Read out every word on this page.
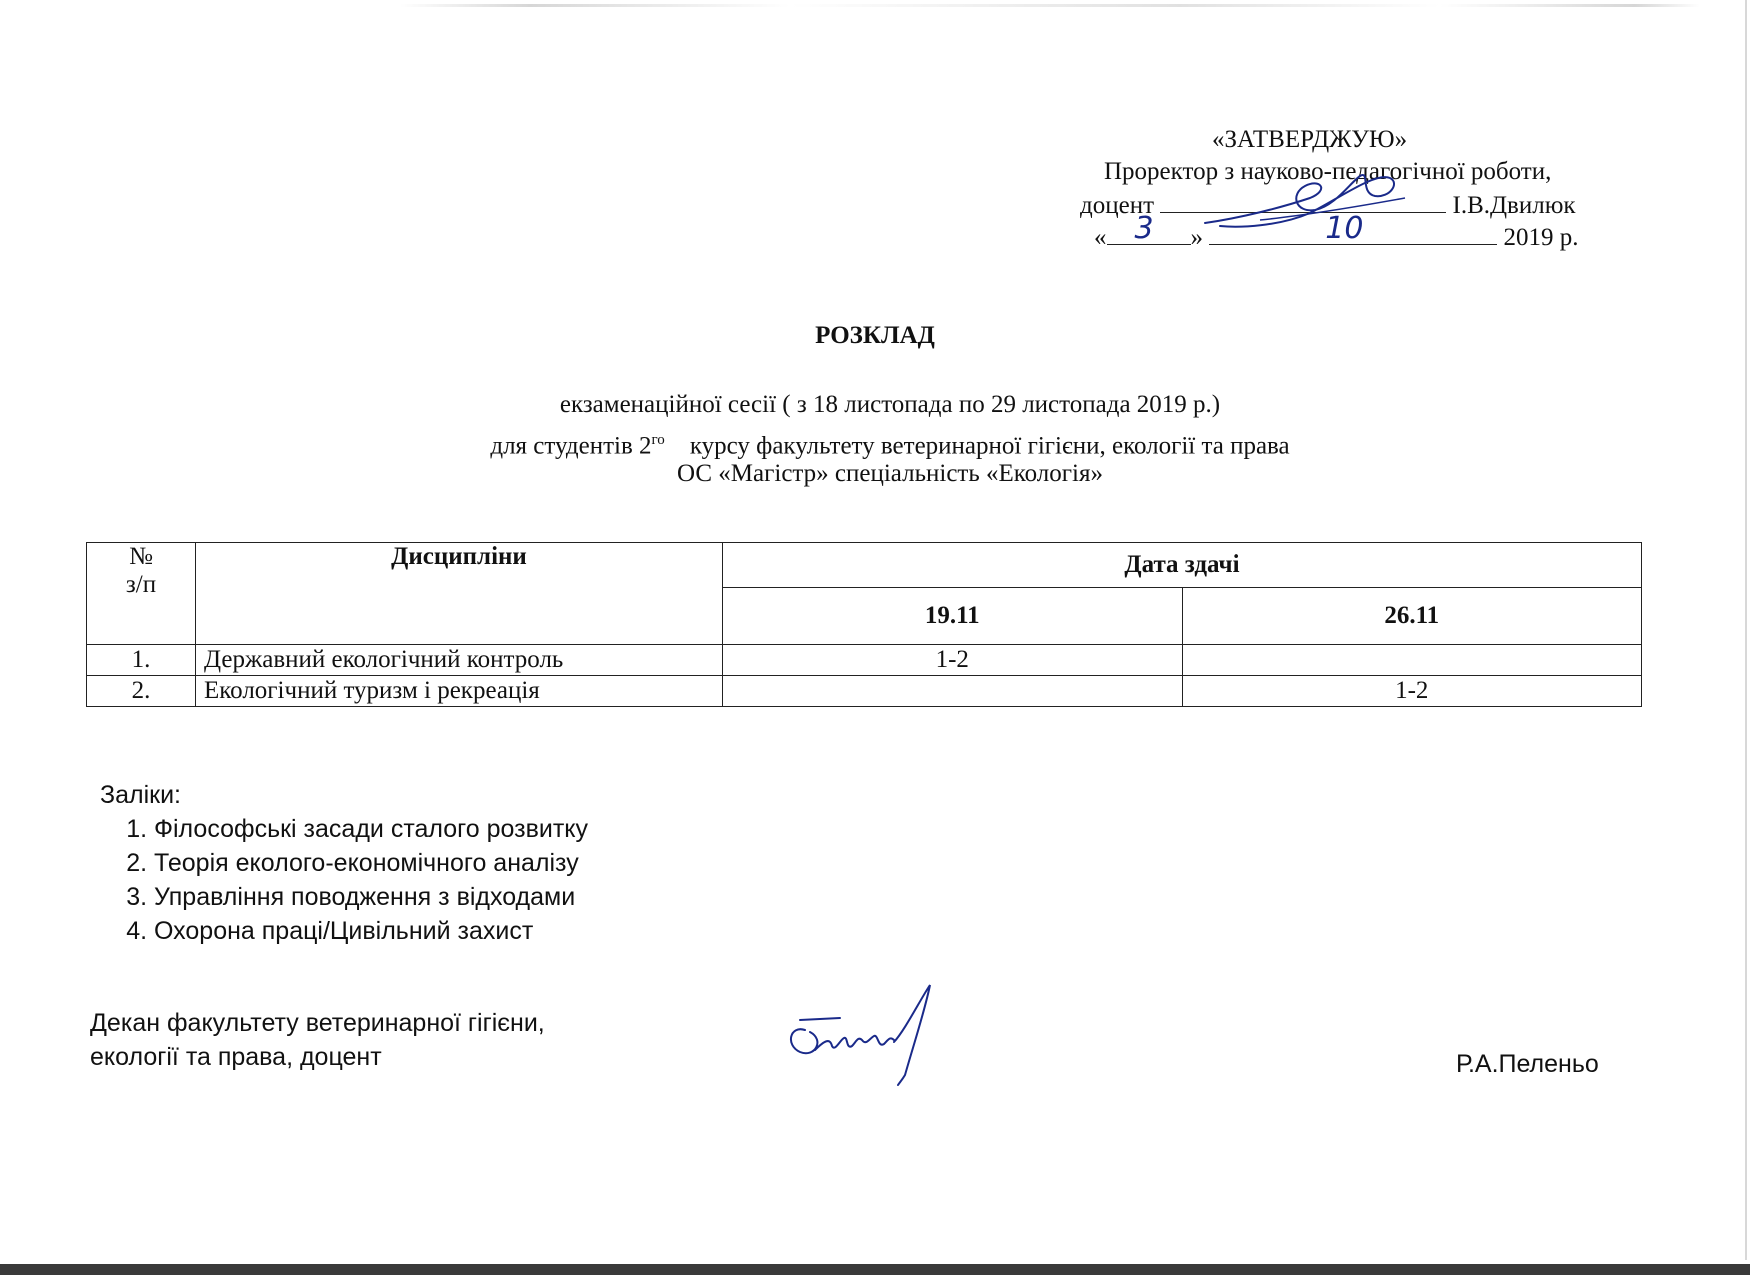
«ЗАТВЕРДЖУЮ»
Проректор з науково-педагогічної роботи,
доцент	І.В.Двилюк
« 3 »	10	2019 р.
РОЗКЛАД
екзаменаційної сесії ( з 18 листопада по 29 листопада 2019 р.)
для студентів $2^{го}$ курсу факультету ветеринарної гігієни, екології та права
ОС «Магістр» спеціальність «Екологія»
№
з/п	Дисципліни	Дата здачі	
		19.11	26.11
1.	Державний екологічний контроль	1-2	
2.	Екологічний туризм і рекреація		1-2
Заліки:
1. Філософські засади сталого розвитку
2. Теорія еколого-економічного аналізу
3. Управління поводження з відходами
4. Охорона праці/Цивільний захист
Декан факультету ветеринарної гігієни,
екології та права, доцент	Р.А.Пеленьо
